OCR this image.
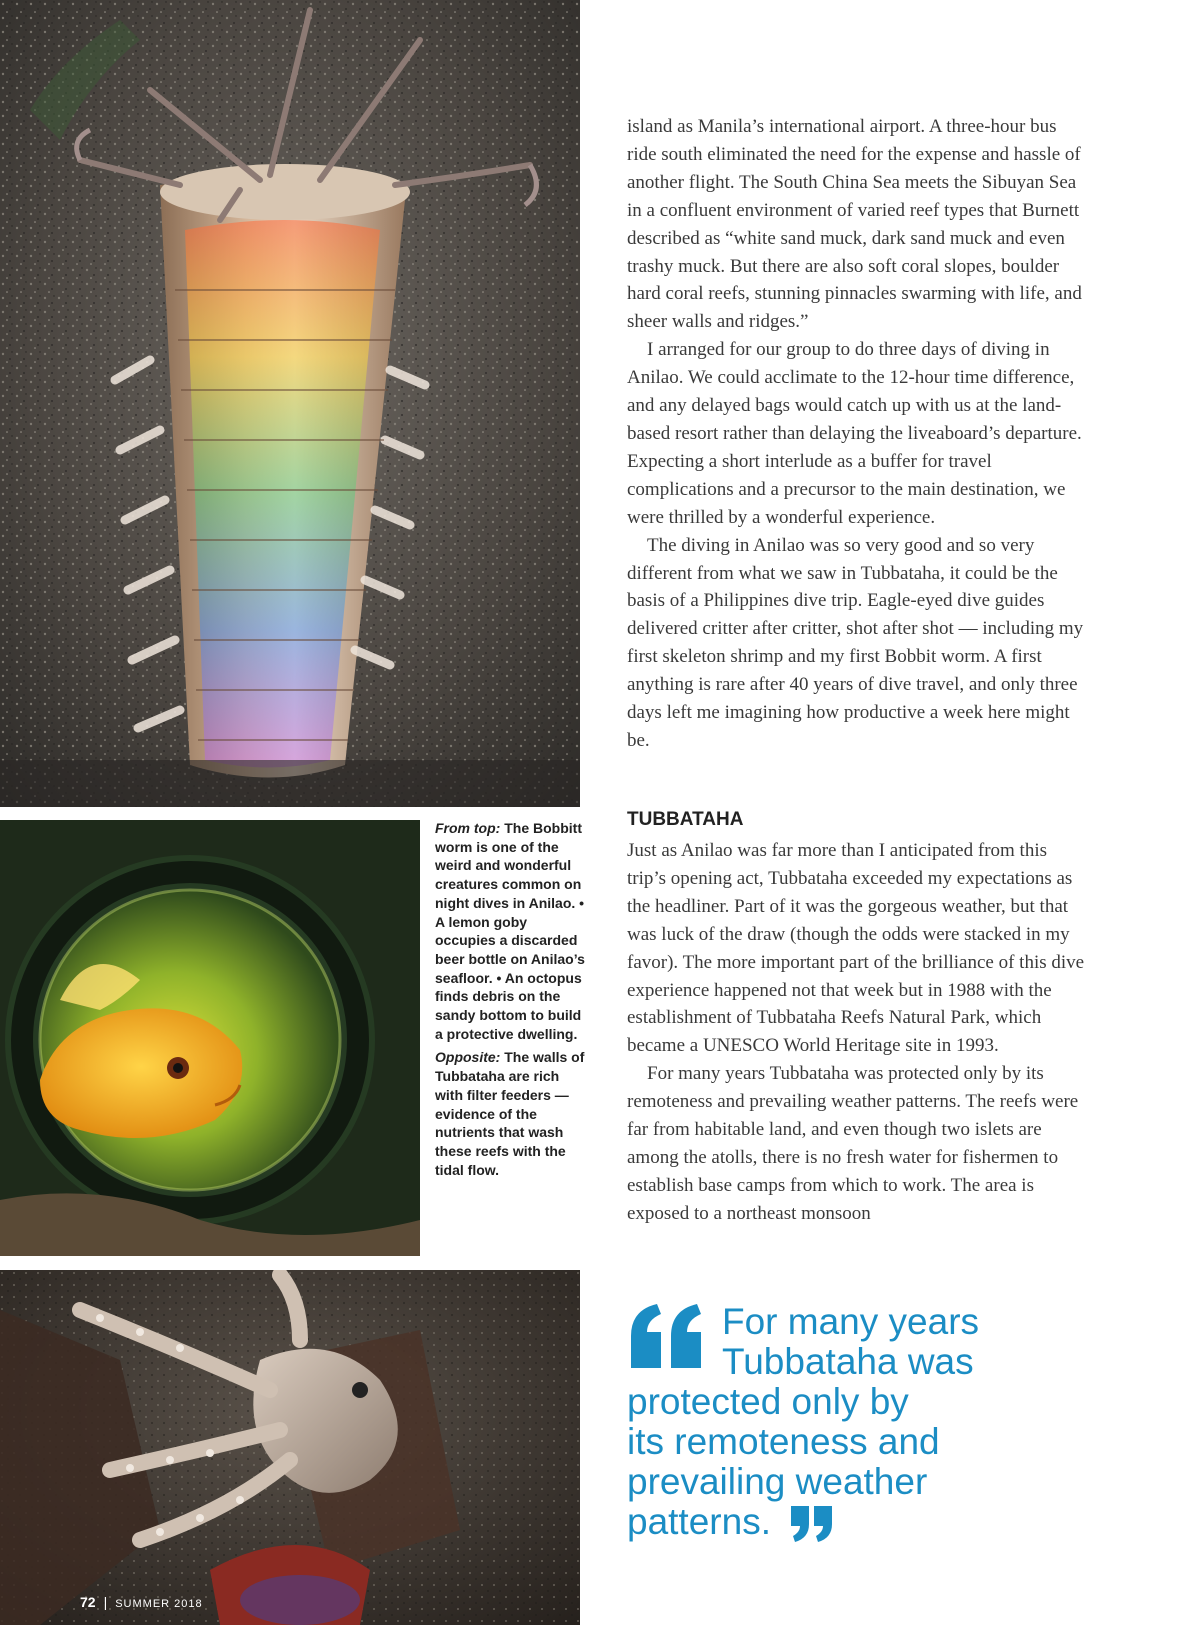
From top: The Bobbitt worm is one of the weird and wonderful creatures common on night dives in Anilao. • A lemon goby occupies a discarded beer bottle on Anilao’s seafloor. • An octopus finds debris on the sandy bottom to build a protective dwelling.

Opposite: The walls of Tubbataha are rich with filter feeders — evidence of the nutrients that wash these reefs with the tidal flow.

island as Manila’s international airport. A three-hour bus ride south eliminated the need for the expense and hassle of another flight. The South China Sea meets the Sibuyan Sea in a confluent environment of varied reef types that Burnett described as “white sand muck, dark sand muck and even trashy muck. But there are also soft coral slopes, boulder hard coral reefs, stunning pinnacles swarming with life, and sheer walls and ridges.”

I arranged for our group to do three days of diving in Anilao. We could acclimate to the 12-hour time difference, and any delayed bags would catch up with us at the land-based resort rather than delaying the liveaboard’s departure. Expecting a short interlude as a buffer for travel complications and a precursor to the main destination, we were thrilled by a wonderful experience.

The diving in Anilao was so very good and so very different from what we saw in Tubbataha, it could be the basis of a Philippines dive trip. Eagle-eyed dive guides delivered critter after critter, shot after shot — including my first skeleton shrimp and my first Bobbit worm. A first anything is rare after 40 years of dive travel, and only three days left me imagining how productive a week here might be.

TUBBATAHA

Just as Anilao was far more than I anticipated from this trip’s opening act, Tubbataha exceeded my expectations as the headliner. Part of it was the gorgeous weather, but that was luck of the draw (though the odds were stacked in my favor). The more important part of the brilliance of this dive experience happened not that week but in 1988 with the establishment of Tubbataha Reefs Natural Park, which became a UNESCO World Heritage site in 1993.

For many years Tubbataha was protected only by its remoteness and prevailing weather patterns. The reefs were far from habitable land, and even though two islets are among the atolls, there is no fresh water for fishermen to establish base camps from which to work. The area is exposed to a northeast monsoon

For many years
Tubbataha was
protected only by
its remoteness and
prevailing weather
patterns.
72 | SUMMER 2018
